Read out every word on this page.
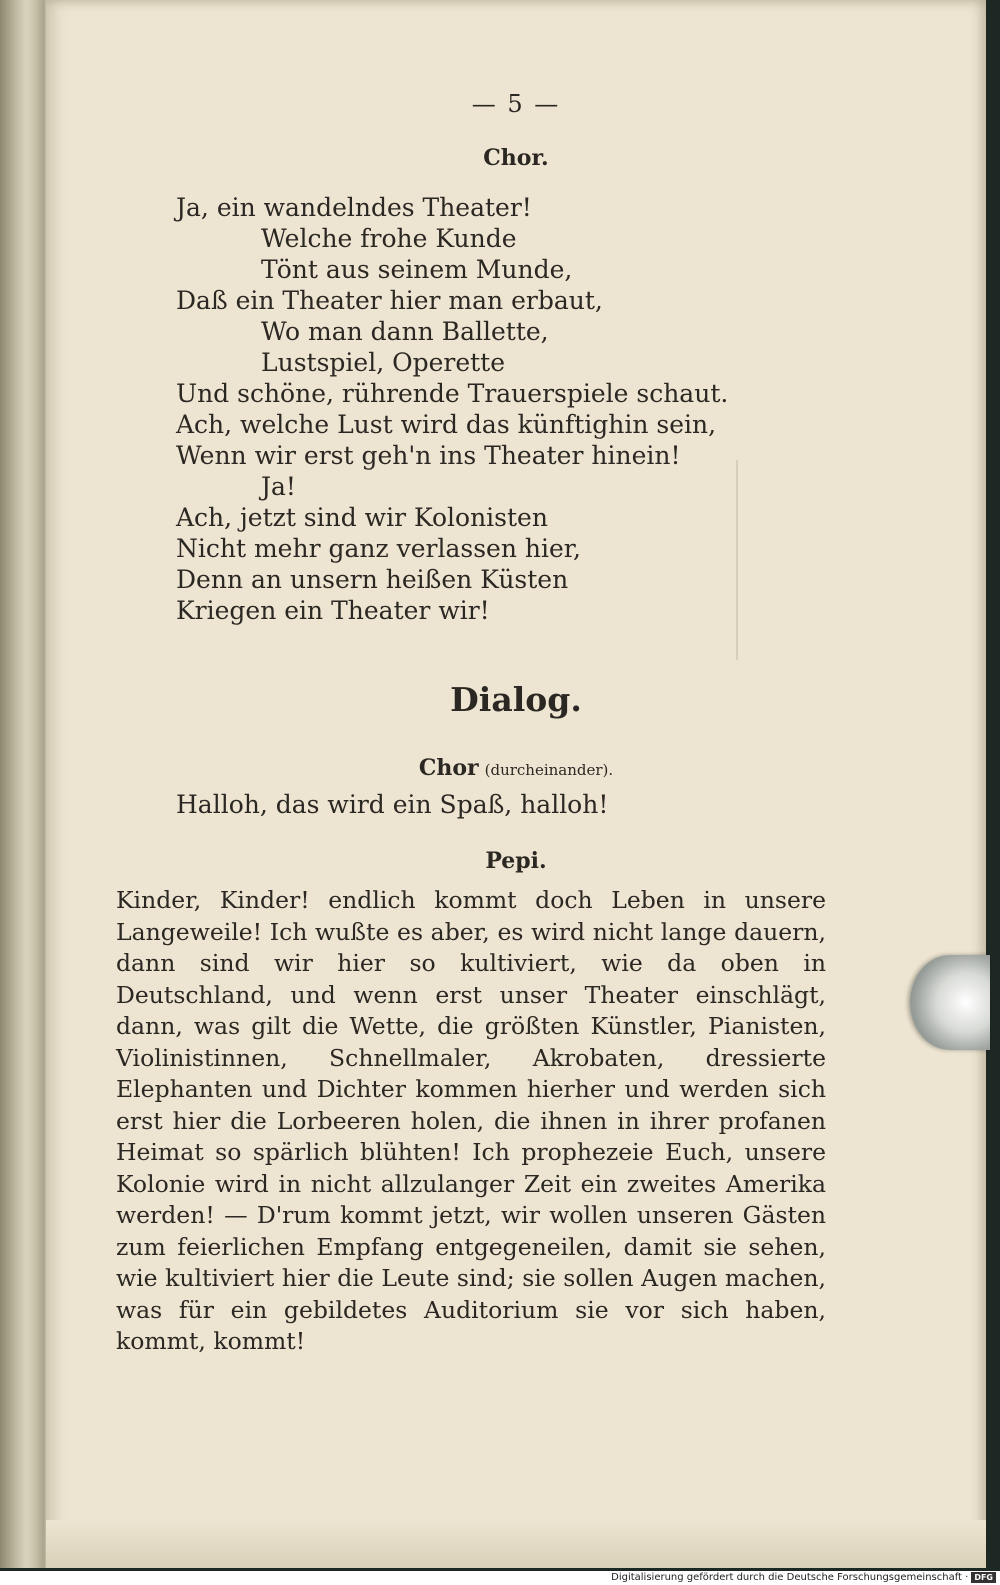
— 5 —
Chor.
Ja, ein wandelndes Theater!
Welche frohe Kunde
Tönt aus seinem Munde,
Daß ein Theater hier man erbaut,
Wo man dann Ballette,
Lustspiel, Operette
Und schöne, rührende Trauerspiele schaut.
Ach, welche Lust wird das künftighin sein,
Wenn wir erst geh'n ins Theater hinein!
Ja!
Ach, jetzt sind wir Kolonisten
Nicht mehr ganz verlassen hier,
Denn an unsern heißen Küsten
Kriegen ein Theater wir!
Dialog.
Chor (durcheinander).
Halloh, das wird ein Spaß, halloh!
Pepi.
Kinder, Kinder! endlich kommt doch Leben in unsere Langeweile! Ich wußte es aber, es wird nicht lange dauern, dann sind wir hier so kultiviert, wie da oben in Deutschland, und wenn erst unser Theater einschlägt, dann, was gilt die Wette, die größten Künstler, Pianisten, Violinistinnen, Schnellmaler, Akrobaten, dressierte Elephanten und Dichter kommen hierher und werden sich erst hier die Lorbeeren holen, die ihnen in ihrer profanen Heimat so spärlich blühten! Ich prophezeie Euch, unsere Kolonie wird in nicht allzulanger Zeit ein zweites Amerika werden! — D'rum kommt jetzt, wir wollen unseren Gästen zum feierlichen Empfang entgegeneilen, damit sie sehen, wie kultiviert hier die Leute sind; sie sollen Augen machen, was für ein gebildetes Auditorium sie vor sich haben, kommt, kommt!
Digitalisierung gefördert durch die Deutsche Forschungsgemeinschaft · DFG
